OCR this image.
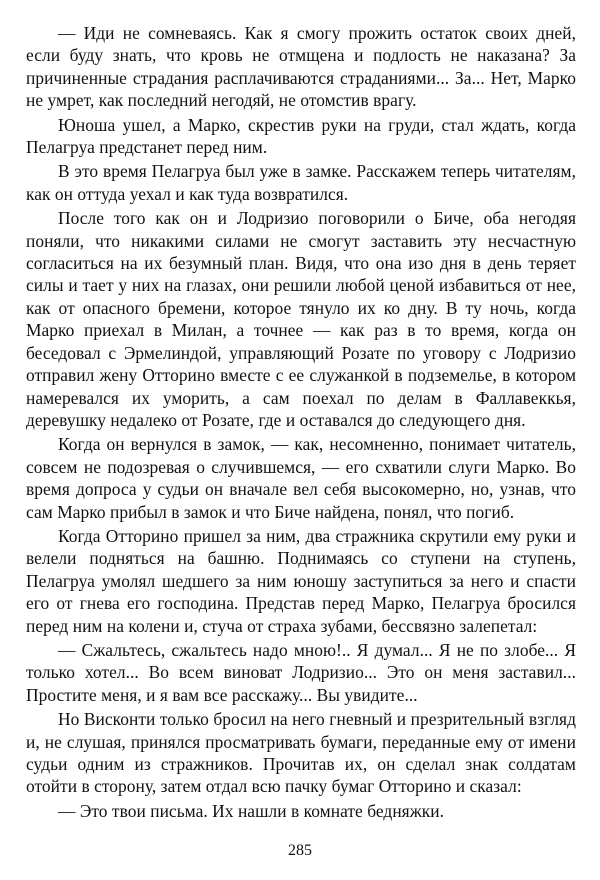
— Иди не сомневаясь. Как я смогу прожить остаток своих дней, если буду знать, что кровь не отмщена и подлость не наказана? За причиненные страдания расплачиваются страданиями... За... Нет, Марко не умрет, как последний негодяй, не отомстив врагу.

Юноша ушел, а Марко, скрестив руки на груди, стал ждать, когда Пелагруа предстанет перед ним.

В это время Пелагруа был уже в замке. Расскажем теперь читателям, как он оттуда уехал и как туда возвратился.

После того как он и Лодризио поговорили о Биче, оба негодяя поняли, что никакими силами не смогут заставить эту несчастную согласиться на их безумный план. Видя, что она изо дня в день теряет силы и тает у них на глазах, они решили любой ценой избавиться от нее, как от опасного бремени, которое тянуло их ко дну. В ту ночь, когда Марко приехал в Милан, а точнее — как раз в то время, когда он беседовал с Эрмелиндой, управляющий Розате по уговору с Лодризио отправил жену Отторино вместе с ее служанкой в подземелье, в котором намеревался их уморить, а сам поехал по делам в Фаллавеккья, деревушку недалеко от Розате, где и оставался до следующего дня.

Когда он вернулся в замок, — как, несомненно, понимает читатель, совсем не подозревая о случившемся, — его схватили слуги Марко. Во время допроса у судьи он вначале вел себя высокомерно, но, узнав, что сам Марко прибыл в замок и что Биче найдена, понял, что погиб.

Когда Отторино пришел за ним, два стражника скрутили ему руки и велели подняться на башню. Поднимаясь со ступени на ступень, Пелагруа умолял шедшего за ним юношу заступиться за него и спасти его от гнева его господина. Представ перед Марко, Пелагруа бросился перед ним на колени и, стуча от страха зубами, бессвязно залепетал:

— Сжальтесь, сжальтесь надо мною!.. Я думал... Я не по злобе... Я только хотел... Во всем виноват Лодризио... Это он меня заставил... Простите меня, и я вам все расскажу... Вы увидите...

Но Висконти только бросил на него гневный и презрительный взгляд и, не слушая, принялся просматривать бумаги, переданные ему от имени судьи одним из стражников. Прочитав их, он сделал знак солдатам отойти в сторону, затем отдал всю пачку бумаг Отторино и сказал:

— Это твои письма. Их нашли в комнате бедняжки.

285
